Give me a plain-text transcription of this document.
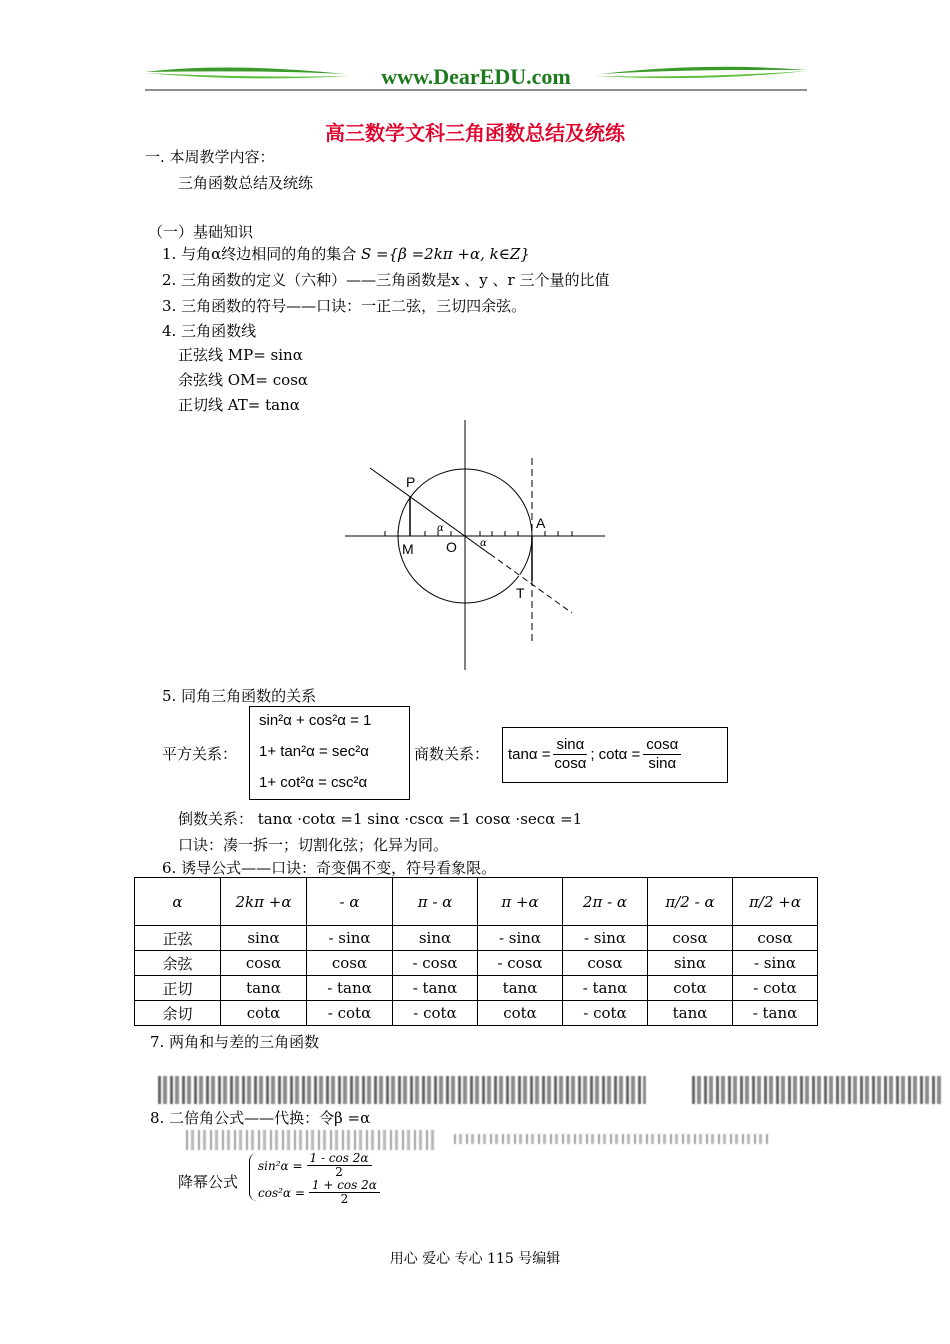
www.DearEDU.com
高三数学文科三角函数总结及统练
一. 本周教学内容：
三角函数总结及统练
（一）基础知识
1. 与角α终边相同的角的集合 S ={β =2kπ +α, k∈Z}
2. 三角函数的定义（六种）——三角函数是x 、y 、r 三个量的比值
3. 三角函数的符号——口诀：一正二弦，三切四余弦。
4. 三角函数线
正弦线 MP= sinα
余弦线 OM= cosα
正切线 AT= tanα
P
M O
A
T
α
α
5. 同角三角函数的关系
平方关系：
sin²α + cos²α = 1
1+ tan²α = sec²α
1+ cot²α = csc²α
商数关系： $\tan\alpha = \frac{\sin\alpha}{\cos\alpha}$ ; $\cot\alpha = \frac{\cos\alpha}{\sin\alpha}$
倒数关系： tanα ·cotα =1 sinα ·cscα =1 cosα ·secα =1
口诀：凑一拆一；切割化弦；化异为同。
6. 诱导公式——口诀：奇变偶不变，符号看象限。
α	2kπ +α	- α	π - α	π +α	2π - α	π/2 - α	π/2 +α
正弦	sinα	- sinα	sinα	- sinα	- sinα	cosα	cosα
余弦	cosα	cosα	- cosα	- cosα	cosα	sinα	- sinα
正切	tanα	- tanα	- tanα	tanα	- tanα	cotα	- cotα
余切	cotα	- cotα	- cotα	cotα	- cotα	tanα	- tanα
7. 两角和与差的三角函数
8. 二倍角公式——代换：令β =α
降幂公式
$\sin^2\alpha = \frac{1 - \cos 2\alpha}{2}$
$\cos^2\alpha = \frac{1 + \cos 2\alpha}{2}$
用心 爱心 专心 115 号编辑
